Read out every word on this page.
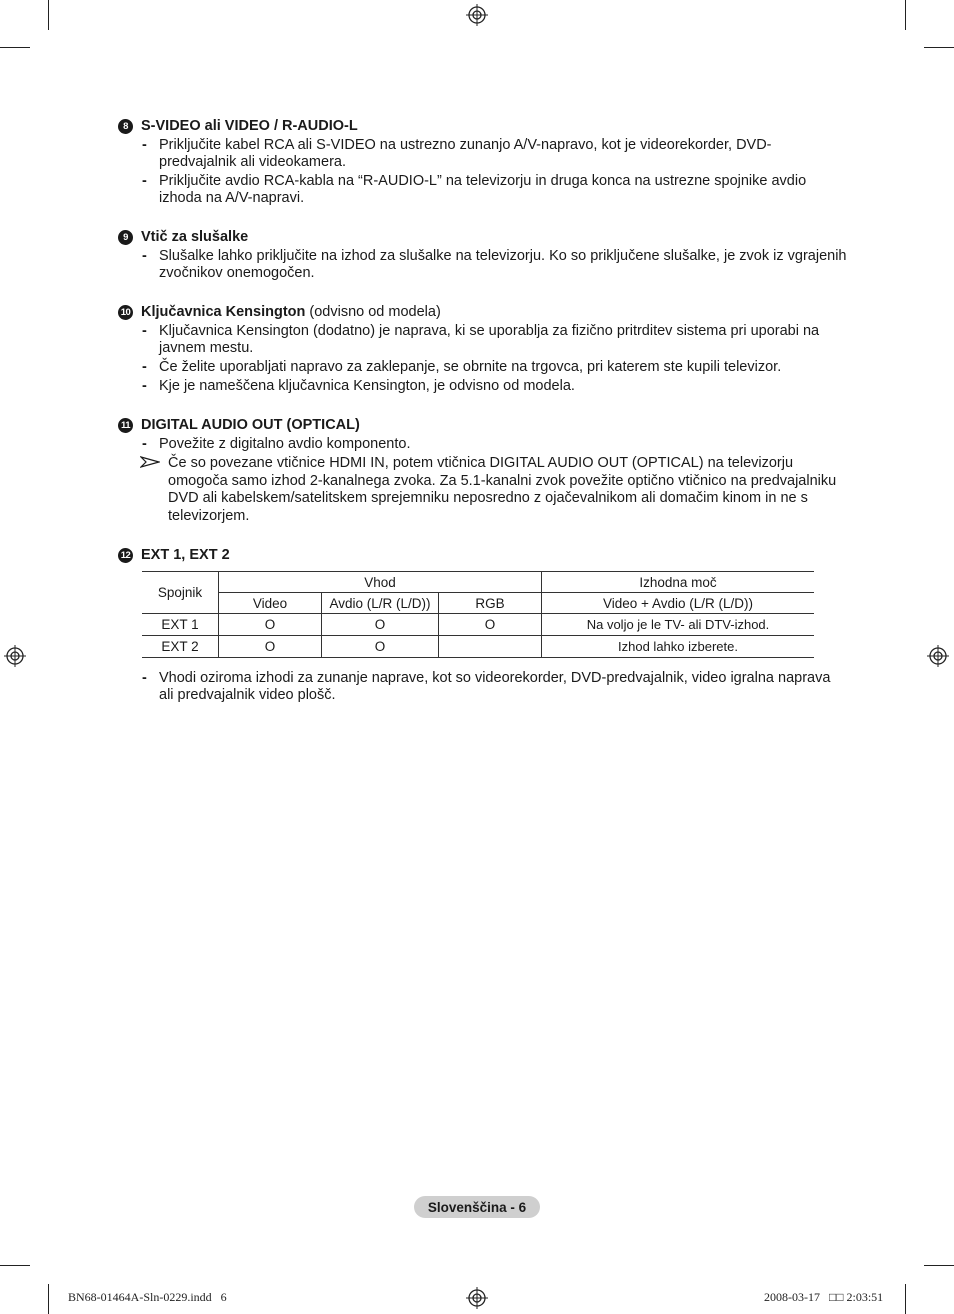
8 S-VIDEO ali VIDEO / R-AUDIO-L
- Priključite kabel RCA ali S-VIDEO na ustrezno zunanjo A/V-napravo, kot je videorekorder, DVD-predvajalnik ali videokamera.
- Priključite avdio RCA-kabla na “R-AUDIO-L” na televizorju in druga konca na ustrezne spojnike avdio izhoda na A/V-napravi.
9 Vtič za slušalke
- Slušalke lahko priključite na izhod za slušalke na televizorju. Ko so priključene slušalke, je zvok iz vgrajenih zvočnikov onemogočen.
10 Ključavnica Kensington (odvisno od modela)
- Ključavnica Kensington (dodatno) je naprava, ki se uporablja za fizično pritrditev sistema pri uporabi na javnem mestu.
- Če želite uporabljati napravo za zaklepanje, se obrnite na trgovca, pri katerem ste kupili televizor.
- Kje je nameščena ključavnica Kensington, je odvisno od modela.
11 DIGITAL AUDIO OUT (OPTICAL)
- Povežite z digitalno avdio komponento.
Če so povezane vtičnice HDMI IN, potem vtičnica DIGITAL AUDIO OUT (OPTICAL) na televizorju omogoča samo izhod 2-kanalnega zvoka. Za 5.1-kanalni zvok povežite optično vtičnico na predvajalniku DVD ali kabelskem/satelitskem sprejemniku neposredno z ojačevalnikom ali domačim kinom in ne s televizorjem.
12 EXT 1, EXT 2
Spojnik	Vhod			Izhodna moč
	Video	Avdio (L/R (L/D))	RGB	Video + Avdio (L/R (L/D))
EXT 1	O	O	O	Na voljo je le TV- ali DTV-izhod.
EXT 2	O	O		Izhod lahko izberete.
- Vhodi oziroma izhodi za zunanje naprave, kot so videorekorder, DVD-predvajalnik, video igralna naprava ali predvajalnik video plošč.
Slovenščina - 6
BN68-01464A-Sln-0229.indd   6	2008-03-17   □□ 2:03:51
